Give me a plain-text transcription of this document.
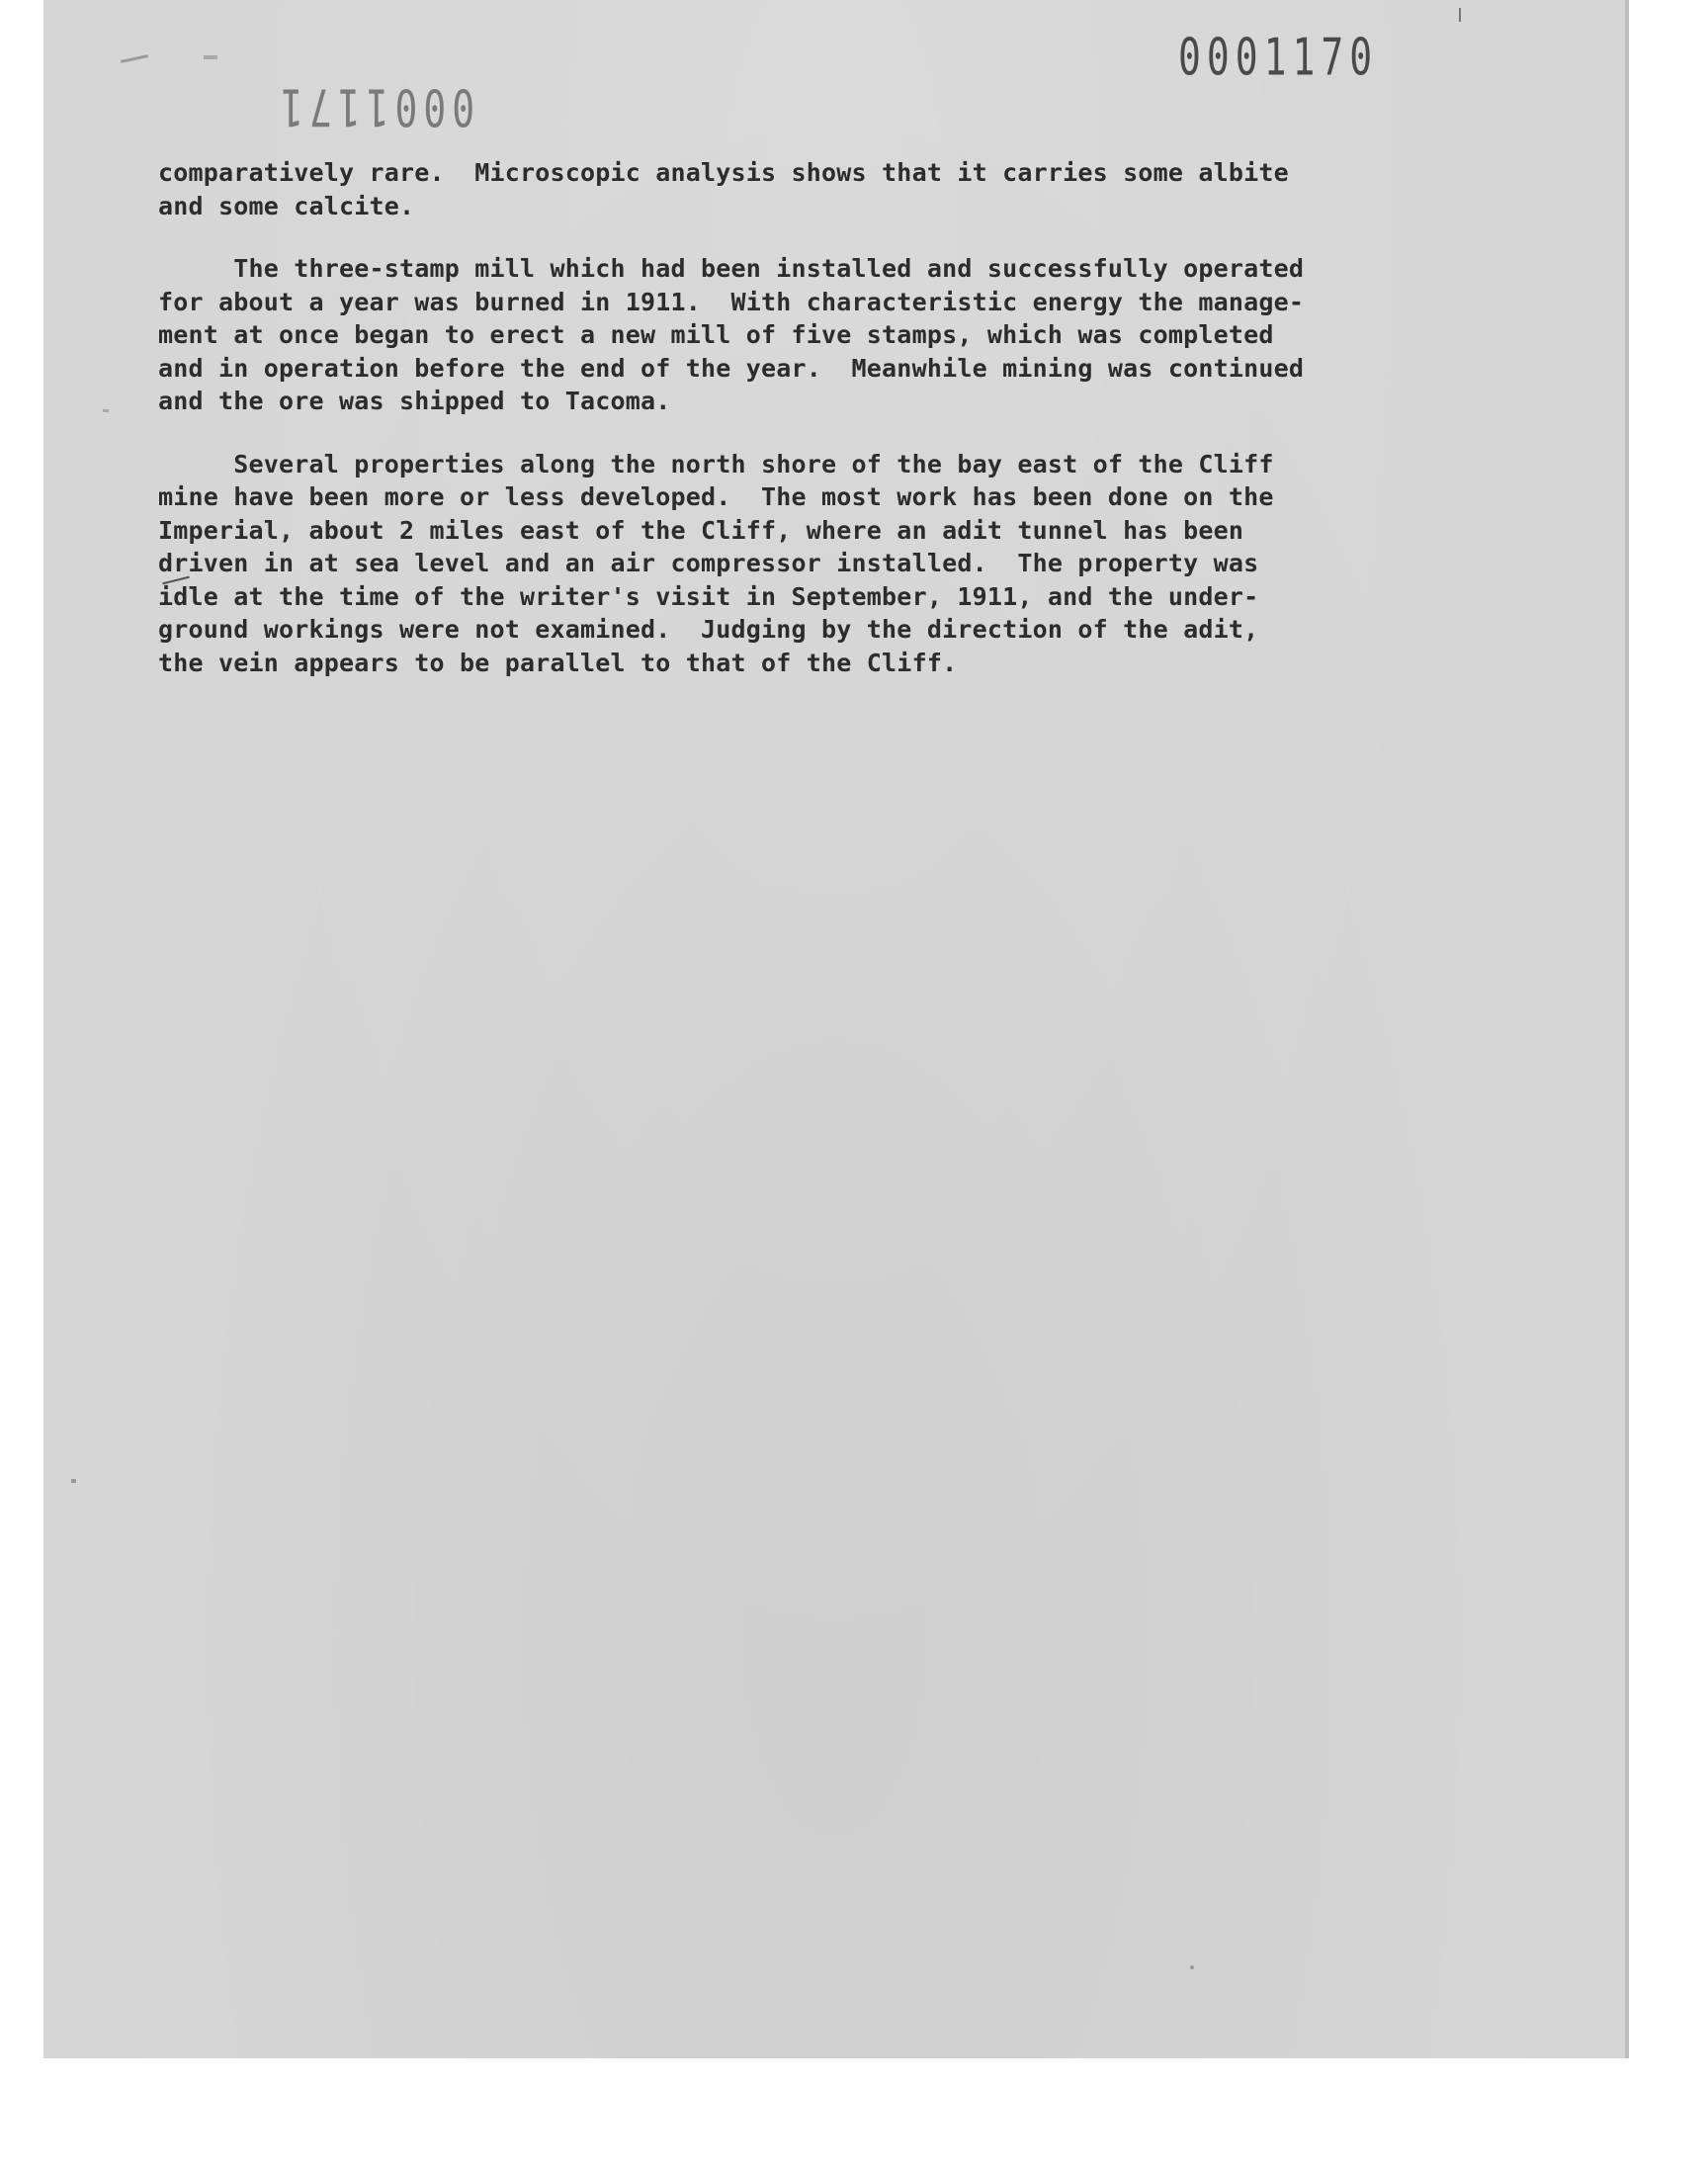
0001170
0001171
comparatively rare.  Microscopic analysis shows that it carries some albite
and some calcite.
The three-stamp mill which had been installed and successfully operated
for about a year was burned in 1911.  With characteristic energy the manage-
ment at once began to erect a new mill of five stamps, which was completed
and in operation before the end of the year.  Meanwhile mining was continued
and the ore was shipped to Tacoma.
Several properties along the north shore of the bay east of the Cliff
mine have been more or less developed.  The most work has been done on the
Imperial, about 2 miles east of the Cliff, where an adit tunnel has been
driven in at sea level and an air compressor installed.  The property was
idle at the time of the writer's visit in September, 1911, and the under-
ground workings were not examined.  Judging by the direction of the adit,
the vein appears to be parallel to that of the Cliff.
